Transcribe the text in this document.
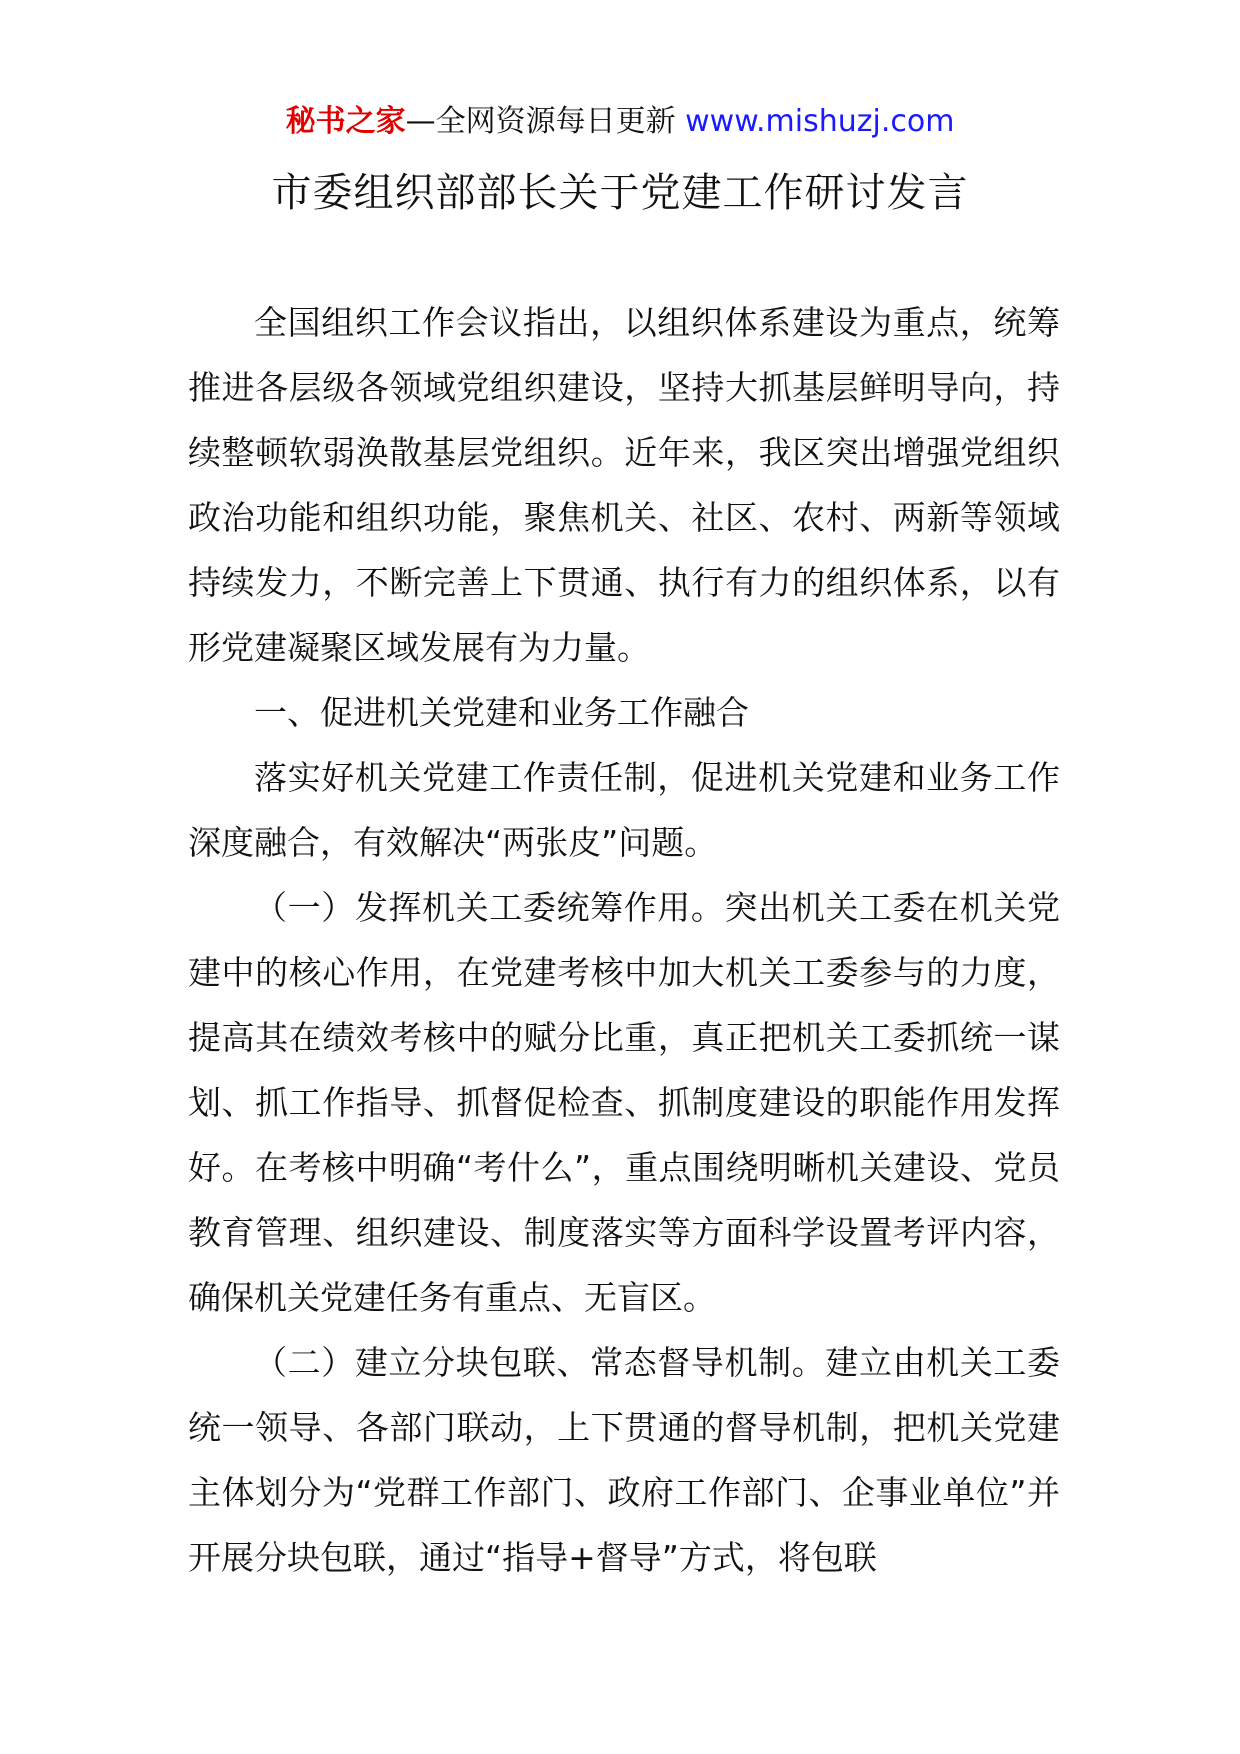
秘书之家—全网资源每日更新 www.mishuzj.com
市委组织部部长关于党建工作研讨发言

全国组织工作会议指出，以组织体系建设为重点，统筹推进各层级各领域党组织建设，坚持大抓基层鲜明导向，持续整顿软弱涣散基层党组织。近年来，我区突出增强党组织政治功能和组织功能，聚焦机关、社区、农村、两新等领域持续发力，不断完善上下贯通、执行有力的组织体系，以有形党建凝聚区域发展有为力量。

一、促进机关党建和业务工作融合

落实好机关党建工作责任制，促进机关党建和业务工作深度融合，有效解决“两张皮”问题。

（一）发挥机关工委统筹作用。突出机关工委在机关党建中的核心作用，在党建考核中加大机关工委参与的力度，提高其在绩效考核中的赋分比重，真正把机关工委抓统一谋划、抓工作指导、抓督促检查、抓制度建设的职能作用发挥好。在考核中明确“考什么”，重点围绕明晰机关建设、党员教育管理、组织建设、制度落实等方面科学设置考评内容，确保机关党建任务有重点、无盲区。

（二）建立分块包联、常态督导机制。建立由机关工委统一领导、各部门联动，上下贯通的督导机制，把机关党建主体划分为“党群工作部门、政府工作部门、企事业单位”并开展分块包联，通过“指导+督导”方式，将包联
